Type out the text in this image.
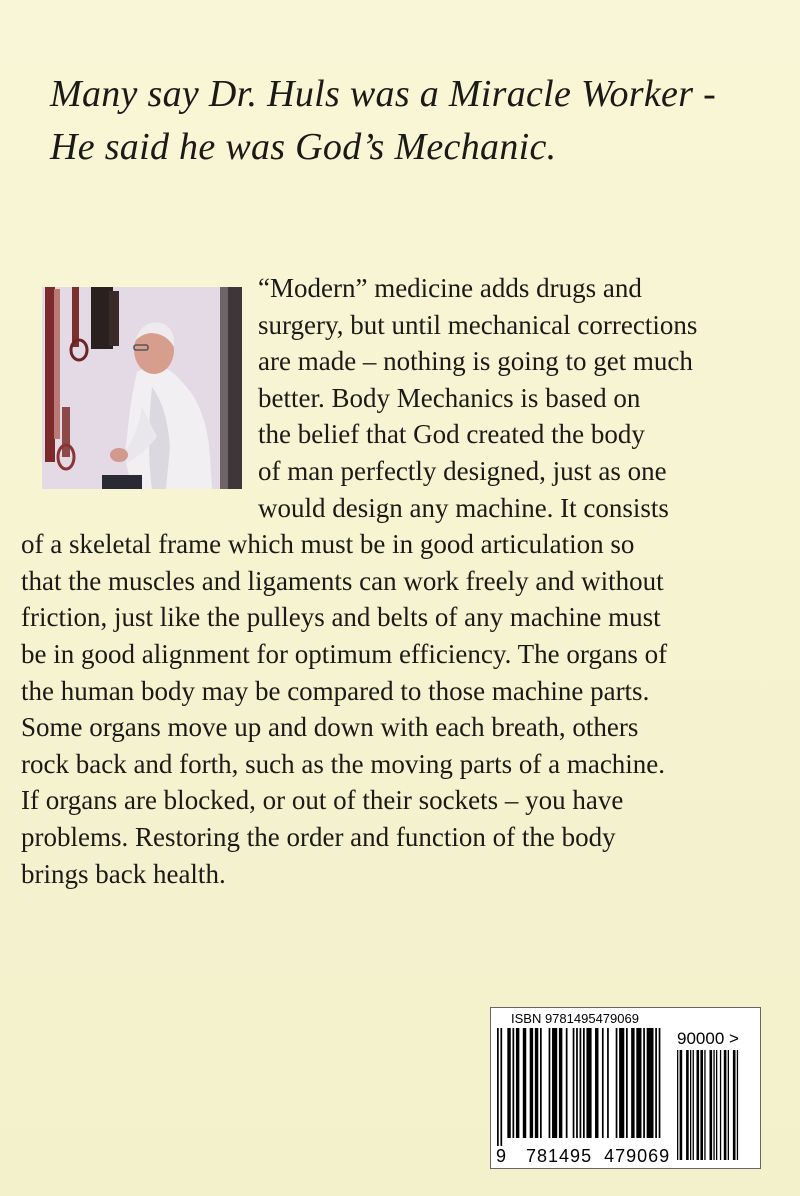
Many say Dr. Huls was a Miracle Worker -
He said he was God’s Mechanic.
“Modern” medicine adds drugs and
surgery, but until mechanical corrections
are made – nothing is going to get much
better. Body Mechanics is based on
the belief that God created the body
of man perfectly designed, just as one
would design any machine. It consists
of a skeletal frame which must be in good articulation so
that the muscles and ligaments can work freely and without
friction, just like the pulleys and belts of any machine must
be in good alignment for optimum efficiency. The organs of
the human body may be compared to those machine parts.
Some organs move up and down with each breath, others
rock back and forth, such as the moving parts of a machine.
If organs are blocked, or out of their sockets – you have
problems. Restoring the order and function of the body
brings back health.
ISBN 9781495479069
90000 >
9 781495 479069
